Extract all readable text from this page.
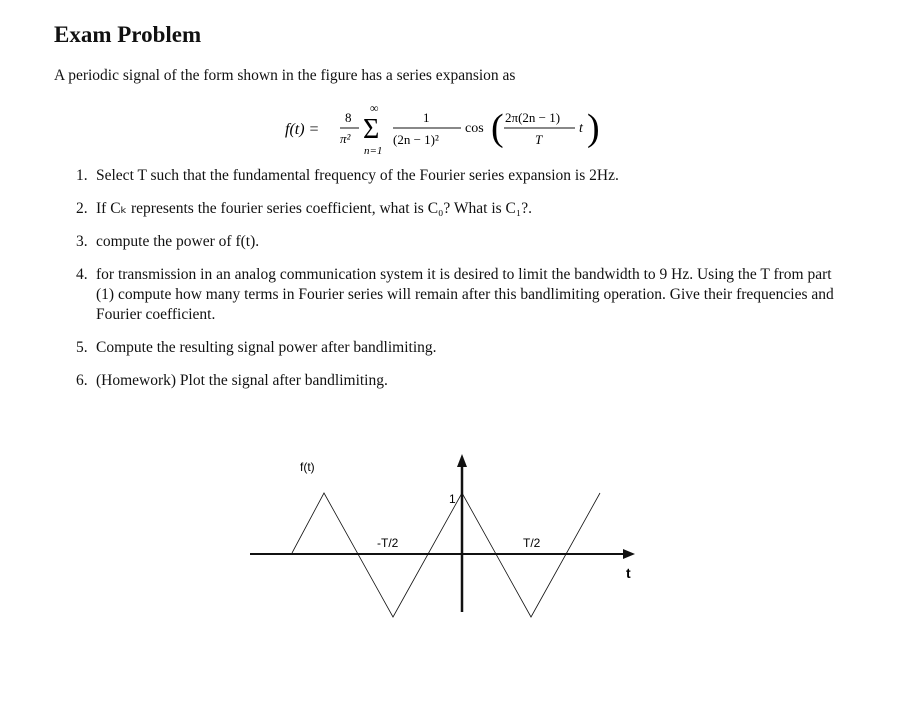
Exam Problem
A periodic signal of the form shown in the figure has a series expansion as
f(t) =
8
π²
∞
Σ
n=1
1
(2n − 1)²
cos ( 2π(2n − 1)
T
t )
1. Select T such that the fundamental frequency of the Fourier series expansion is 2Hz.
2. If Cₖ represents the fourier series coefficient, what is C₀? What is C₁?.
3. compute the power of f(t).
4. for transmission in an analog communication system it is desired to limit the bandwidth to 9 Hz. Using the T from part (1) compute how many terms in Fourier series will remain after this bandlimiting operation. Give their frequencies and Fourier coefficient.
5. Compute the resulting signal power after bandlimiting.
6. (Homework) Plot the signal after bandlimiting.
f(t)
1
-T/2	T/2
t
